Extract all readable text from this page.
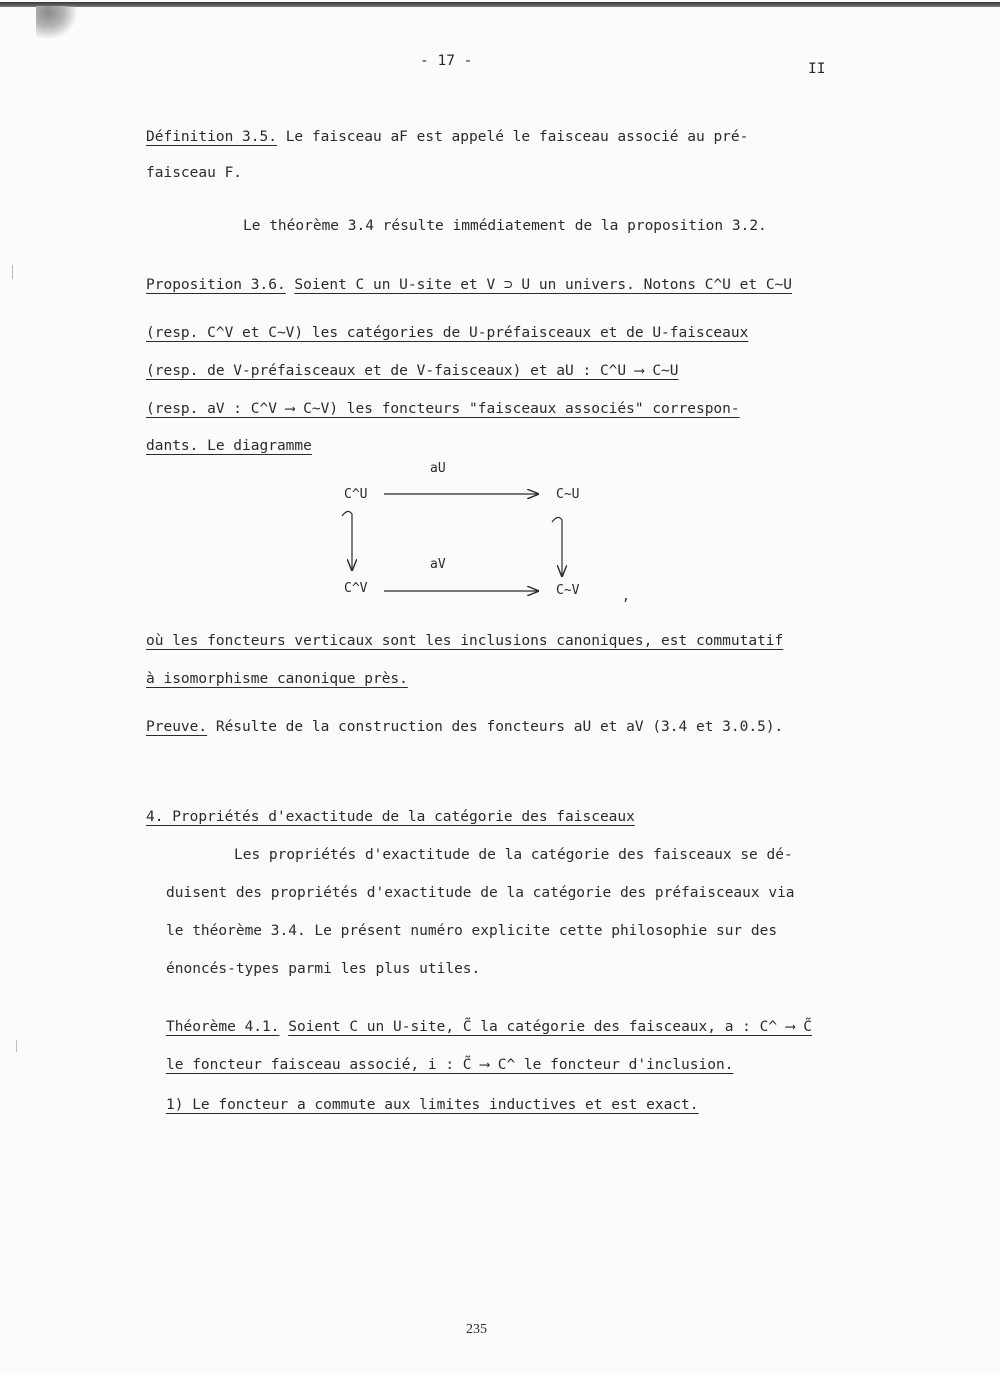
- 17 -	II
Définition 3.5. Le faisceau aF est appelé le faisceau associé au pré-
faisceau F.
Le théorème 3.4 résulte immédiatement de la proposition 3.2.
Proposition 3.6. Soient C un U-site et V ⊃ U un univers. Notons C^U et C~U
(resp. C^V et C~V) les catégories de U-préfaisceaux et de U-faisceaux
(resp. de V-préfaisceaux et de V-faisceaux) et aU : C^U ⟶ C~U
(resp. aV : C^V ⟶ C~V) les foncteurs "faisceaux associés" correspon-
dants. Le diagramme
aU
C^U	C~U
aV
C^V	C~V	,
où les foncteurs verticaux sont les inclusions canoniques, est commutatif
à isomorphisme canonique près.
Preuve. Résulte de la construction des foncteurs aU et aV (3.4 et 3.0.5).
4. Propriétés d'exactitude de la catégorie des faisceaux
Les propriétés d'exactitude de la catégorie des faisceaux se dé-
duisent des propriétés d'exactitude de la catégorie des préfaisceaux via
le théorème 3.4. Le présent numéro explicite cette philosophie sur des
énoncés-types parmi les plus utiles.
Théorème 4.1. Soient C un U-site, C̃ la catégorie des faisceaux, a : C^ ⟶ C̃
le foncteur faisceau associé, i : C̃ ⟶ C^ le foncteur d'inclusion.
1) Le foncteur a commute aux limites inductives et est exact.
235
